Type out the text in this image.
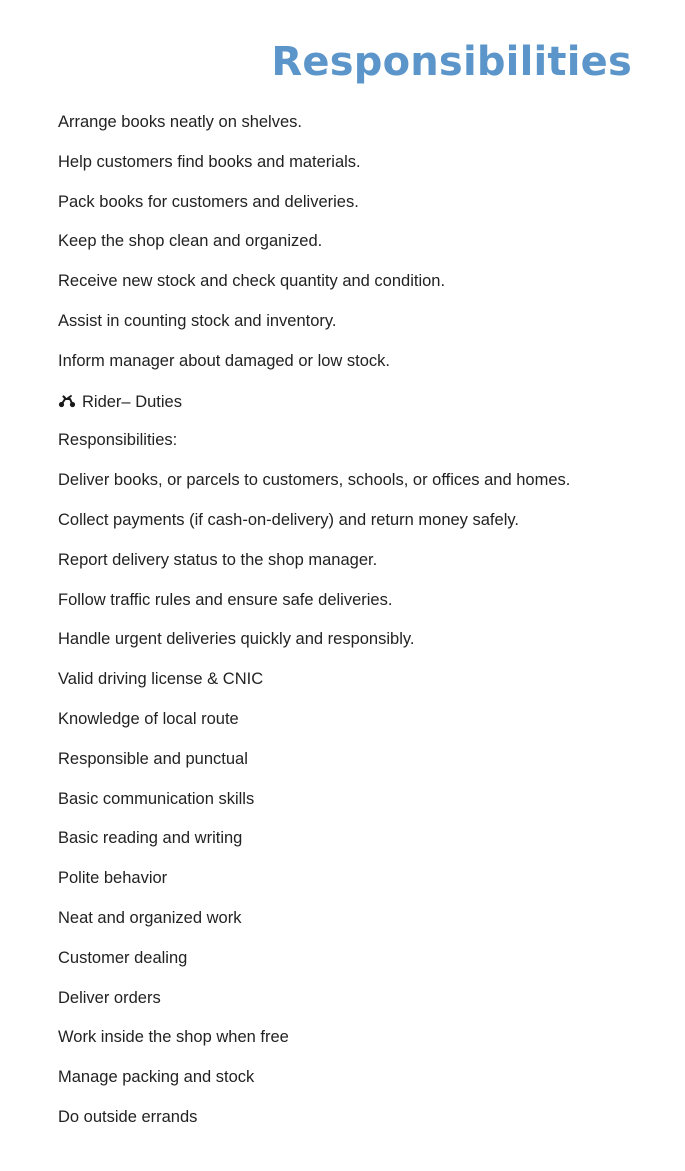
Responsibilities
Arrange books neatly on shelves.
Help customers find books and materials.
Pack books for customers and deliveries.
Keep the shop clean and organized.
Receive new stock and check quantity and condition.
Assist in counting stock and inventory.
Inform manager about damaged or low stock.
Rider– Duties
Responsibilities:
Deliver books, or parcels to customers, schools, or offices and homes.
Collect payments (if cash-on-delivery) and return money safely.
Report delivery status to the shop manager.
Follow traffic rules and ensure safe deliveries.
Handle urgent deliveries quickly and responsibly.
Valid driving license & CNIC
Knowledge of local route
Responsible and punctual
Basic communication skills
Basic reading and writing
Polite behavior
Neat and organized work
Customer dealing
Deliver orders
Work inside the shop when free
Manage packing and stock
Do outside errands
